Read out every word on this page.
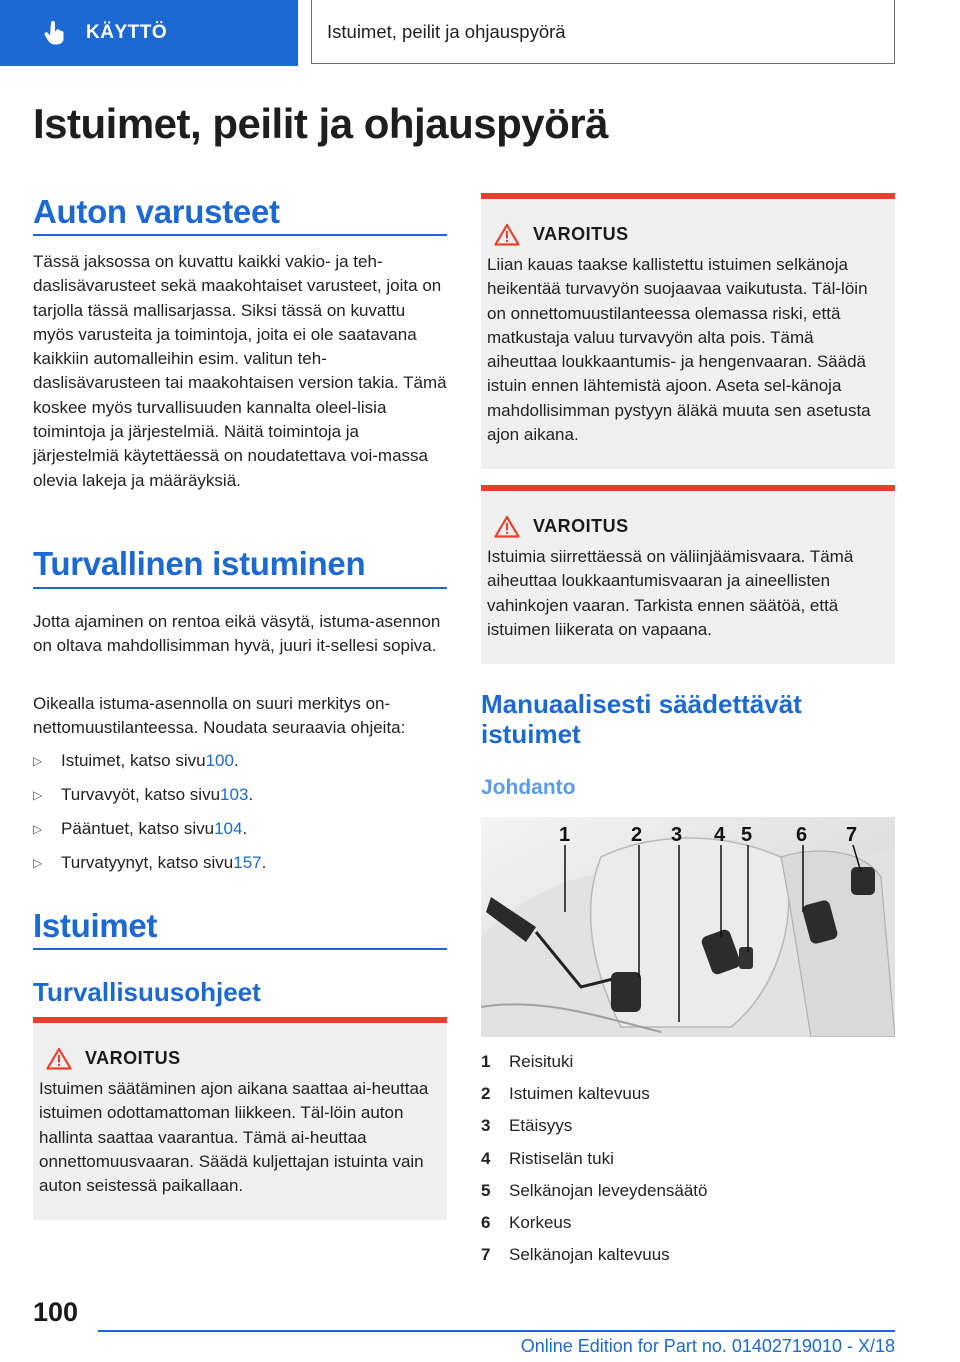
KÄYTTÖ	Istuimet, peilit ja ohjauspyörä
Istuimet, peilit ja ohjauspyörä
Auton varusteet

Tässä jaksossa on kuvattu kaikki vakio- ja teh-daslisävarusteet sekä maakohtaiset varusteet, joita on tarjolla tässä mallisarjassa. Siksi tässä on kuvattu myös varusteita ja toimintoja, joita ei ole saatavana kaikkiin automalleihin esim. valitun teh-daslisävarusteen tai maakohtaisen version takia. Tämä koskee myös turvallisuuden kannalta oleel-lisia toimintoja ja järjestelmiä. Näitä toimintoja ja järjestelmiä käytettäessä on noudatettava voi-massa olevia lakeja ja määräyksiä.

Turvallinen istuminen

Jotta ajaminen on rentoa eikä väsytä, istuma-asennon on oltava mahdollisimman hyvä, juuri it-sellesi sopiva.

Oikealla istuma-asennolla on suuri merkitys on-nettomuustilanteessa. Noudata seuraavia ohjeita:

▷	Istuimet, katso sivu 100 .
▷	Turvavyöt, katso sivu 103 .
▷	Pääntuet, katso sivu 104 .
▷	Turvatyynyt, katso sivu 157 .
Istuimet
Turvallisuusohjeet
VAROITUS
Istuimen säätäminen ajon aikana saattaa ai-heuttaa istuimen odottamattoman liikkeen. Täl-löin auton hallinta saattaa vaarantua. Tämä ai-heuttaa onnettomuusvaaran. Säädä kuljettajan istuinta vain auton seistessä paikallaan.
VAROITUS
Liian kauas taakse kallistettu istuimen selkänoja heikentää turvavyön suojaavaa vaikutusta. Täl-löin on onnettomuustilanteessa olemassa riski, että matkustaja valuu turvavyön alta pois. Tämä aiheuttaa loukkaantumis- ja hengenvaaran. Säädä istuin ennen lähtemistä ajoon. Aseta sel-känoja mahdollisimman pystyyn äläkä muuta sen asetusta ajon aikana.
VAROITUS
Istuimia siirrettäessä on väliinjäämisvaara. Tämä aiheuttaa loukkaantumisvaaran ja aineellisten vahinkojen vaaran. Tarkista ennen säätöä, että istuimen liikerata on vapaana.
Manuaalisesti säädettävät istuimet
Johdanto
1	2 3 4 5 6 7
1	Reisituki
2	Istuimen kaltevuus
3	Etäisyys
4	Ristiselän tuki
5	Selkänojan leveydensäätö
6	Korkeus
7	Selkänojan kaltevuus
100
Online Edition for Part no. 01402719010 - X/18
